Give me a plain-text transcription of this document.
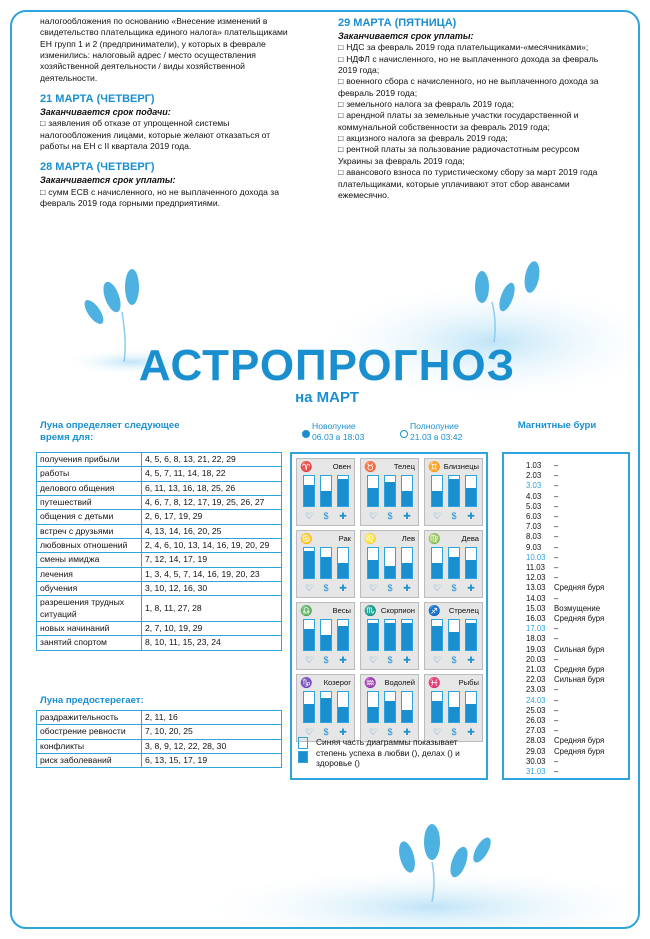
налогообложения по основанию «Внесение изменений в свидетельство плательщика единого налога» плательщиками ЕН групп 1 и 2 (предприниматели), у которых в феврале изменились: налоговый адрес / место осуществления хозяйственной деятельности / виды хозяйственной деятельности.
21 МАРТА (ЧЕТВЕРГ)
Заканчивается срок подачи:
□ заявления об отказе от упрощенной системы налогообложения лицами, которые желают отказаться от работы на ЕН с II квартала 2019 года.
28 МАРТА (ЧЕТВЕРГ)
Заканчивается срок уплаты:
□ сумм ЕСВ с начисленного, но не выплаченного дохода за февраль 2019 года горными предприятиями.
29 МАРТА (ПЯТНИЦА)
Заканчивается срок уплаты:
□ НДС за февраль 2019 года плательщиками-«месячниками»;
□ НДФЛ с начисленного, но не выплаченного дохода за февраль 2019 года;
□ военного сбора с начисленного, но не выплаченного дохода за февраль 2019 года;
□ земельного налога за февраль 2019 года;
□ арендной платы за земельные участки государственной и коммунальной собственности за февраль 2019 года;
□ акцизного налога за февраль 2019 года;
□ рентной платы за пользование радиочастотным ресурсом Украины за февраль 2019 года;
□ авансового взноса по туристическому сбору за март 2019 года плательщиками, которые уплачивают этот сбор авансами ежемесячно.
АСТРОПРОГНОЗ
на МАРТ
Луна определяет следующее время для:
получения прибыли	4, 5, 6, 8, 13, 21, 22, 29
работы	4, 5, 7, 11, 14, 18, 22
делового общения	6, 11, 13, 16, 18, 25, 26
путешествий	4, 6, 7, 8, 12, 17, 19, 25, 26, 27
общения с детьми	2, 6, 17, 19, 29
встреч с друзьями	4, 13, 14, 16, 20, 25
любовных отношений	2, 4, 6, 10, 13, 14, 16, 19, 20, 29
смены имиджа	7, 12, 14, 17, 19
лечения	1, 3, 4, 5, 7, 14, 16, 19, 20, 23
обучения	3, 10, 12, 16, 30
разрешения трудных ситуаций	1, 8, 11, 27, 28
новых начинаний	2, 7, 10, 19, 29
занятий спортом	8, 10, 11, 15, 23, 24
Луна предостерегает:
раздражительность	2, 11, 16
обострение ревности	7, 10, 20, 25
конфликты	3, 8, 9, 12, 22, 28, 30
риск заболеваний	6, 13, 15, 17, 19
Новолуние
06.03 в 18:03
Полнолуние
21.03 в 03:42
♈	Овен
♡	$	✚
♉ Телец
♡	$	✚
♊ Близнецы
♡	$	✚
♋	Рак
♡	$	✚
♌	Лев
♡	$	✚
♍	Дева
♡	$	✚
♎	Весы
♡	$	✚
♏ Скорпион
♡	$	✚
♐ Стрелец
♡	$	✚
♑ Козерог
♡	$	✚
♒ Водолей
♡	$	✚
♓ Рыбы
♡	$	✚
Синяя часть диаграммы показывает степень успеха в любви (), делах () и здоровье ()
Магнитные бури
1.03 –
2.03 –
3.03 –
4.03 –
5.03 –
6.03 –
7.03 –
8.03 –
9.03 –
10.03 –
11.03 –
12.03 –
13.03 Средняя буря
14.03 –
15.03 Возмущение
16.03 Средняя буря
17.03 –
18.03 –
19.03 Сильная буря
20.03 –
21.03 Средняя буря
22.03 Сильная буря
23.03 –
24.03 –
25.03 –
26.03 –
27.03 –
28.03 Средняя буря
29.03 Средняя буря
30.03 –
31.03 –
